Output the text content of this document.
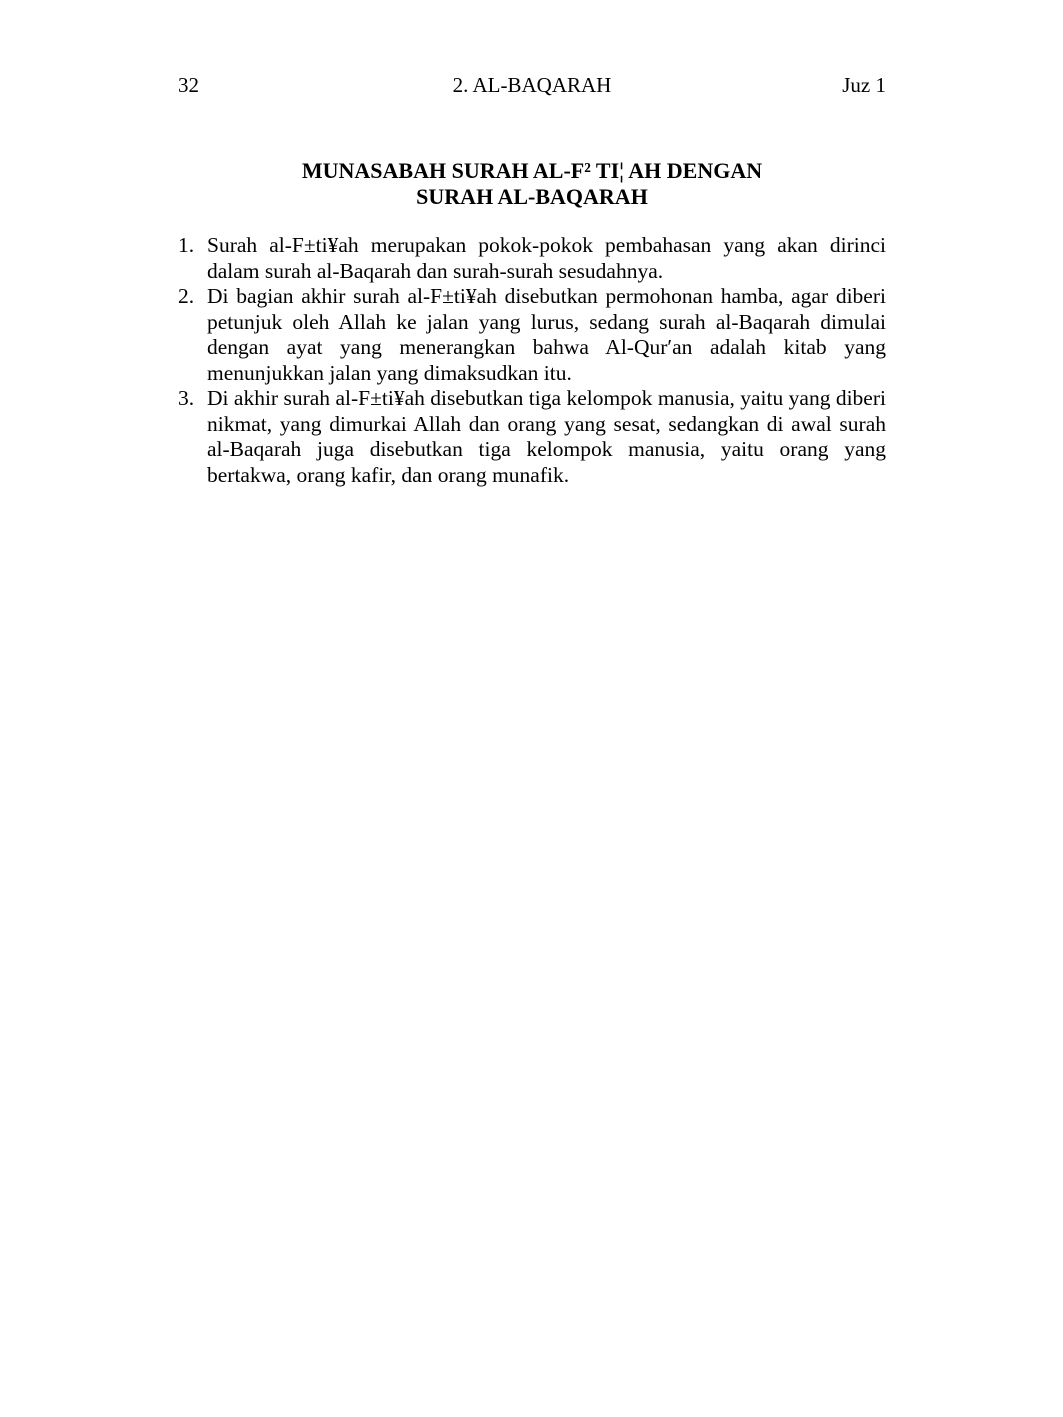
32	2. AL-BAQARAH	Juz 1
MUNASABAH SURAH AL-F² TI¦ AH DENGAN
SURAH AL-BAQARAH
1. Surah al-F±ti¥ah merupakan pokok-pokok pembahasan yang akan dirinci dalam surah al-Baqarah dan surah-surah sesudahnya.
2. Di bagian akhir surah al-F±ti¥ah disebutkan permohonan hamba, agar diberi petunjuk oleh Allah ke jalan yang lurus, sedang surah al-Baqarah dimulai dengan ayat yang menerangkan bahwa Al-Qur′an adalah kitab yang menunjukkan jalan yang dimaksudkan itu.
3. Di akhir surah al-F±ti¥ah disebutkan tiga kelompok manusia, yaitu yang diberi nikmat, yang dimurkai Allah dan orang yang sesat, sedangkan di awal surah al-Baqarah juga disebutkan tiga kelompok manusia, yaitu orang yang bertakwa, orang kafir, dan orang munafik.
